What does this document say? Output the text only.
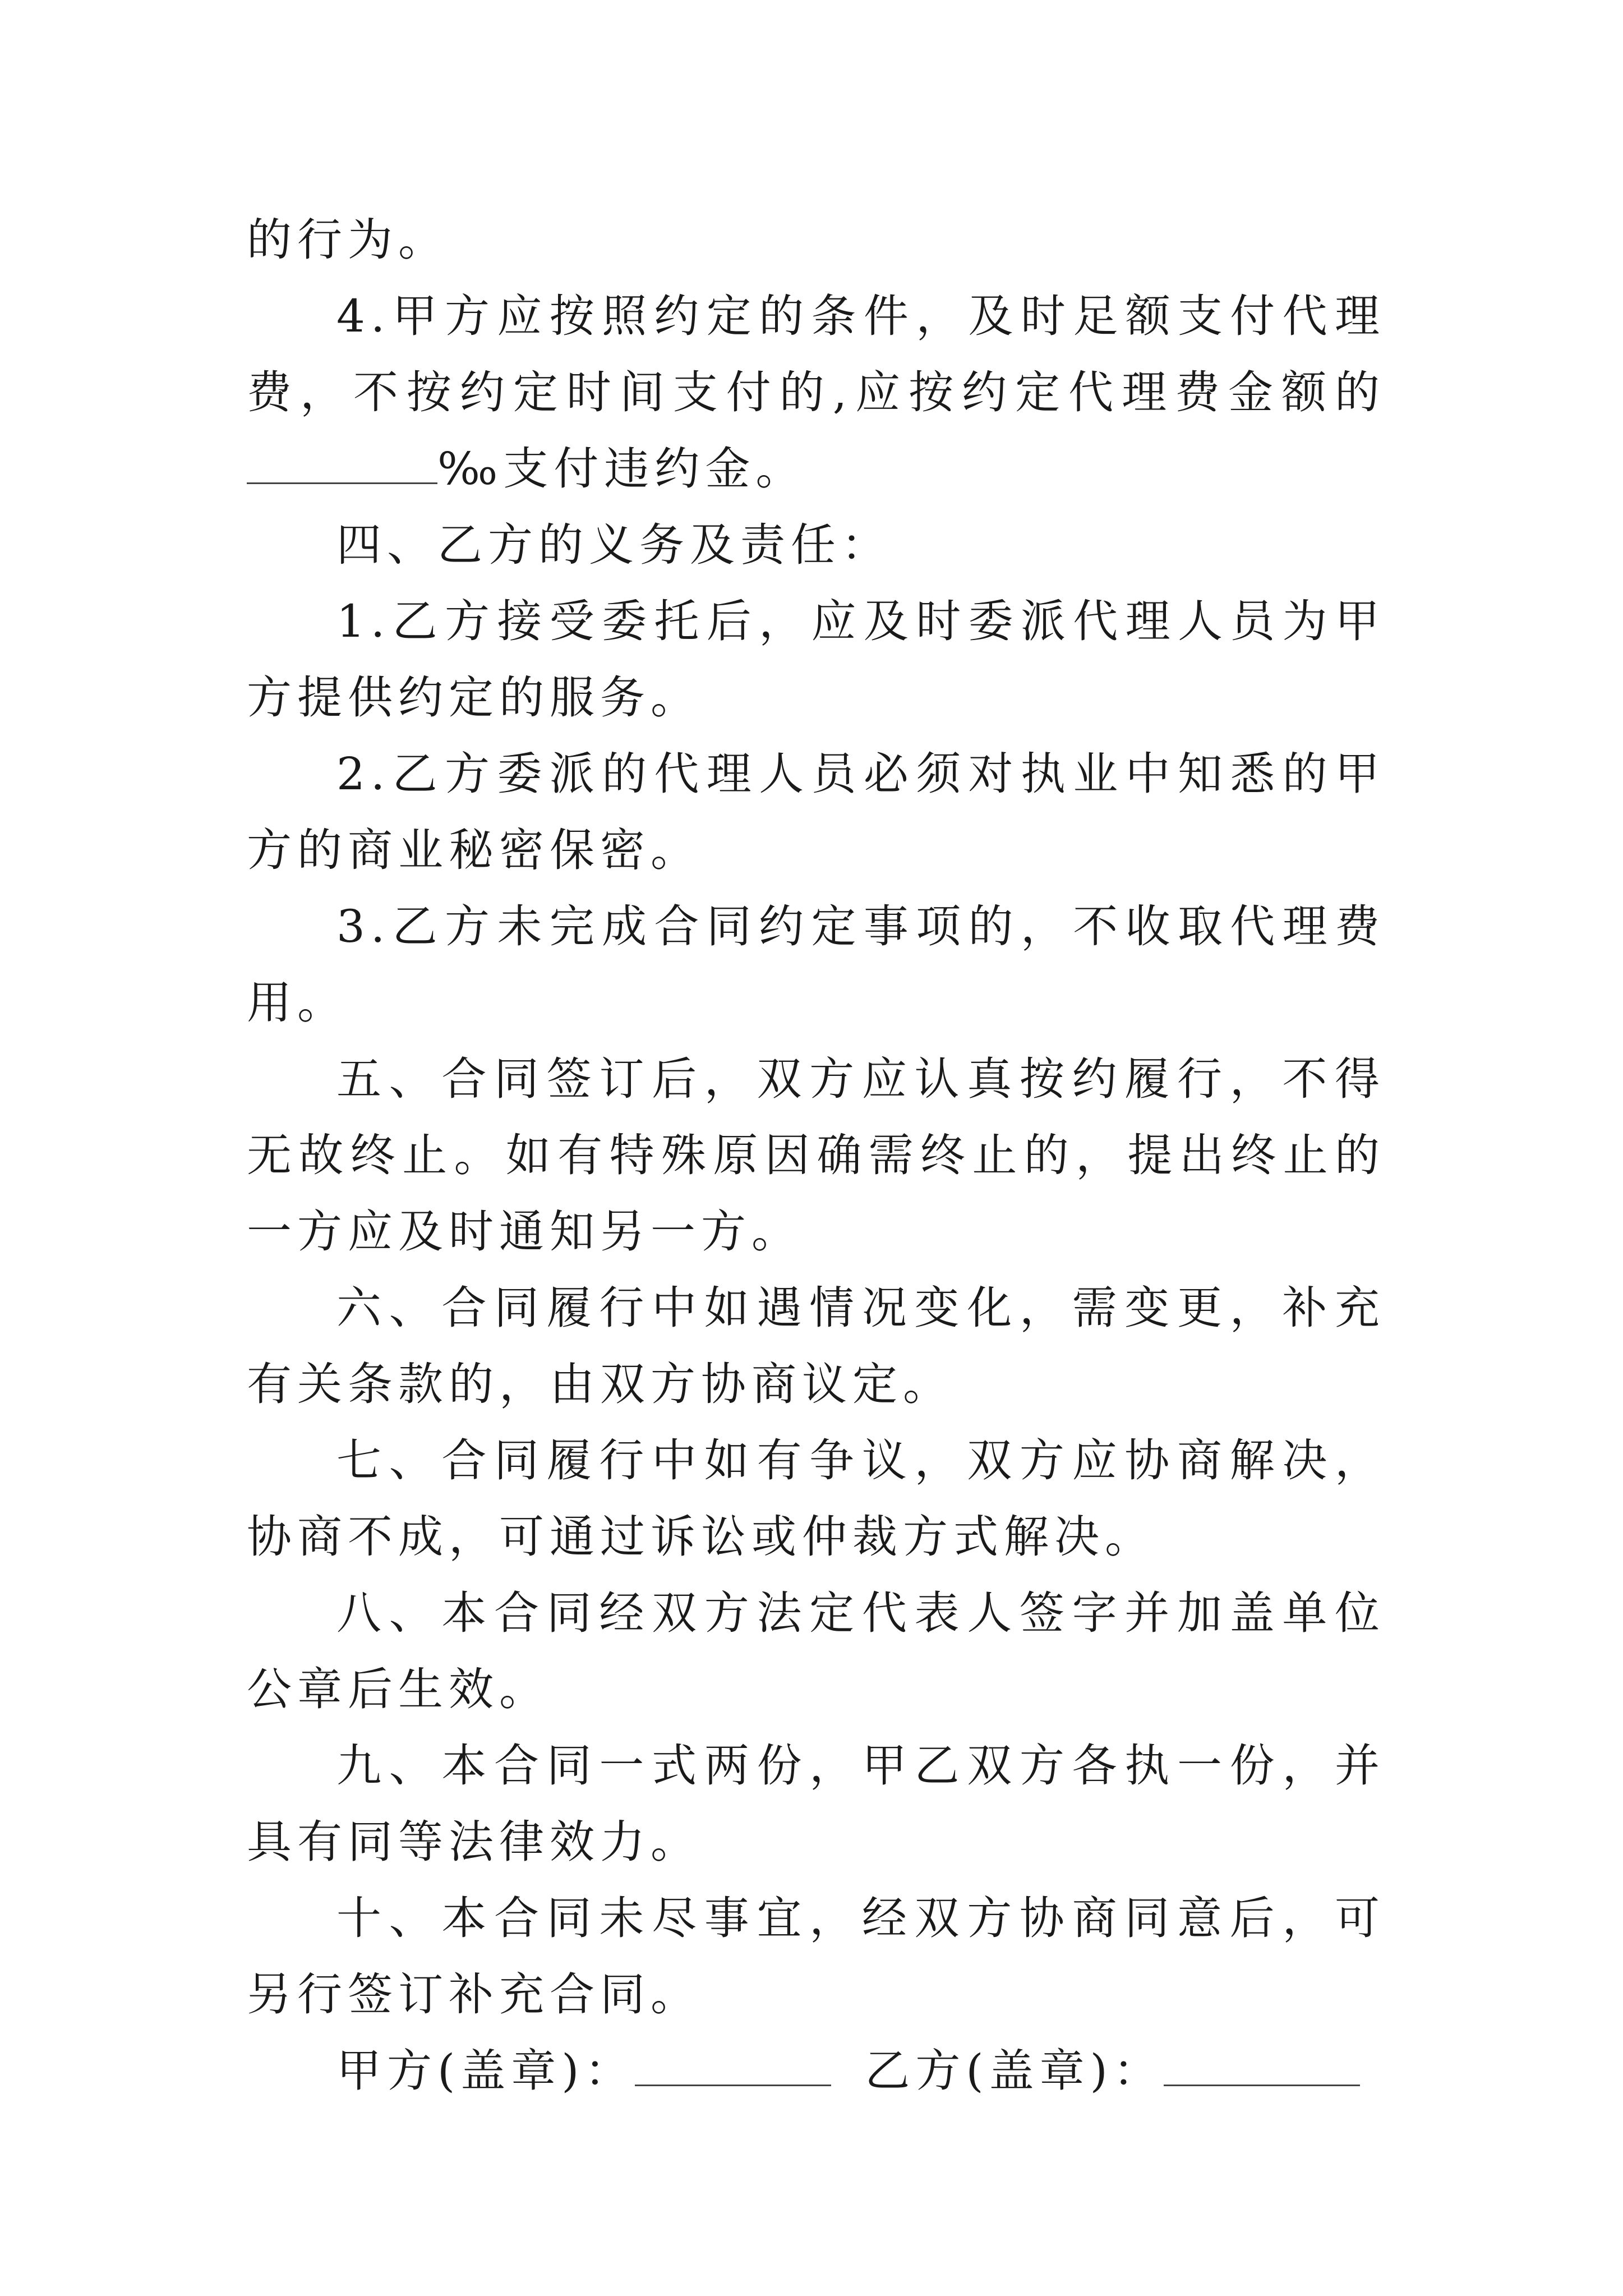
的行为。

4.甲方应按照约定的条件，及时足额支付代理费，不按约定时间支付的,应按约定代理费金额的‰支付违约金。

四、乙方的义务及责任：

1.乙方接受委托后，应及时委派代理人员为甲方提供约定的服务。

2.乙方委派的代理人员必须对执业中知悉的甲方的商业秘密保密。

3.乙方未完成合同约定事项的，不收取代理费用。

五、合同签订后，双方应认真按约履行，不得无故终止。如有特殊原因确需终止的，提出终止的一方应及时通知另一方。

六、合同履行中如遇情况变化，需变更，补充有关条款的，由双方协商议定。

七、合同履行中如有争议，双方应协商解决，协商不成，可通过诉讼或仲裁方式解决。

八、本合同经双方法定代表人签字并加盖单位公章后生效。

九、本合同一式两份，甲乙双方各执一份，并具有同等法律效力。

十、本合同未尽事宜，经双方协商同意后，可另行签订补充合同。

甲方(盖章)：	乙方(盖章)：
